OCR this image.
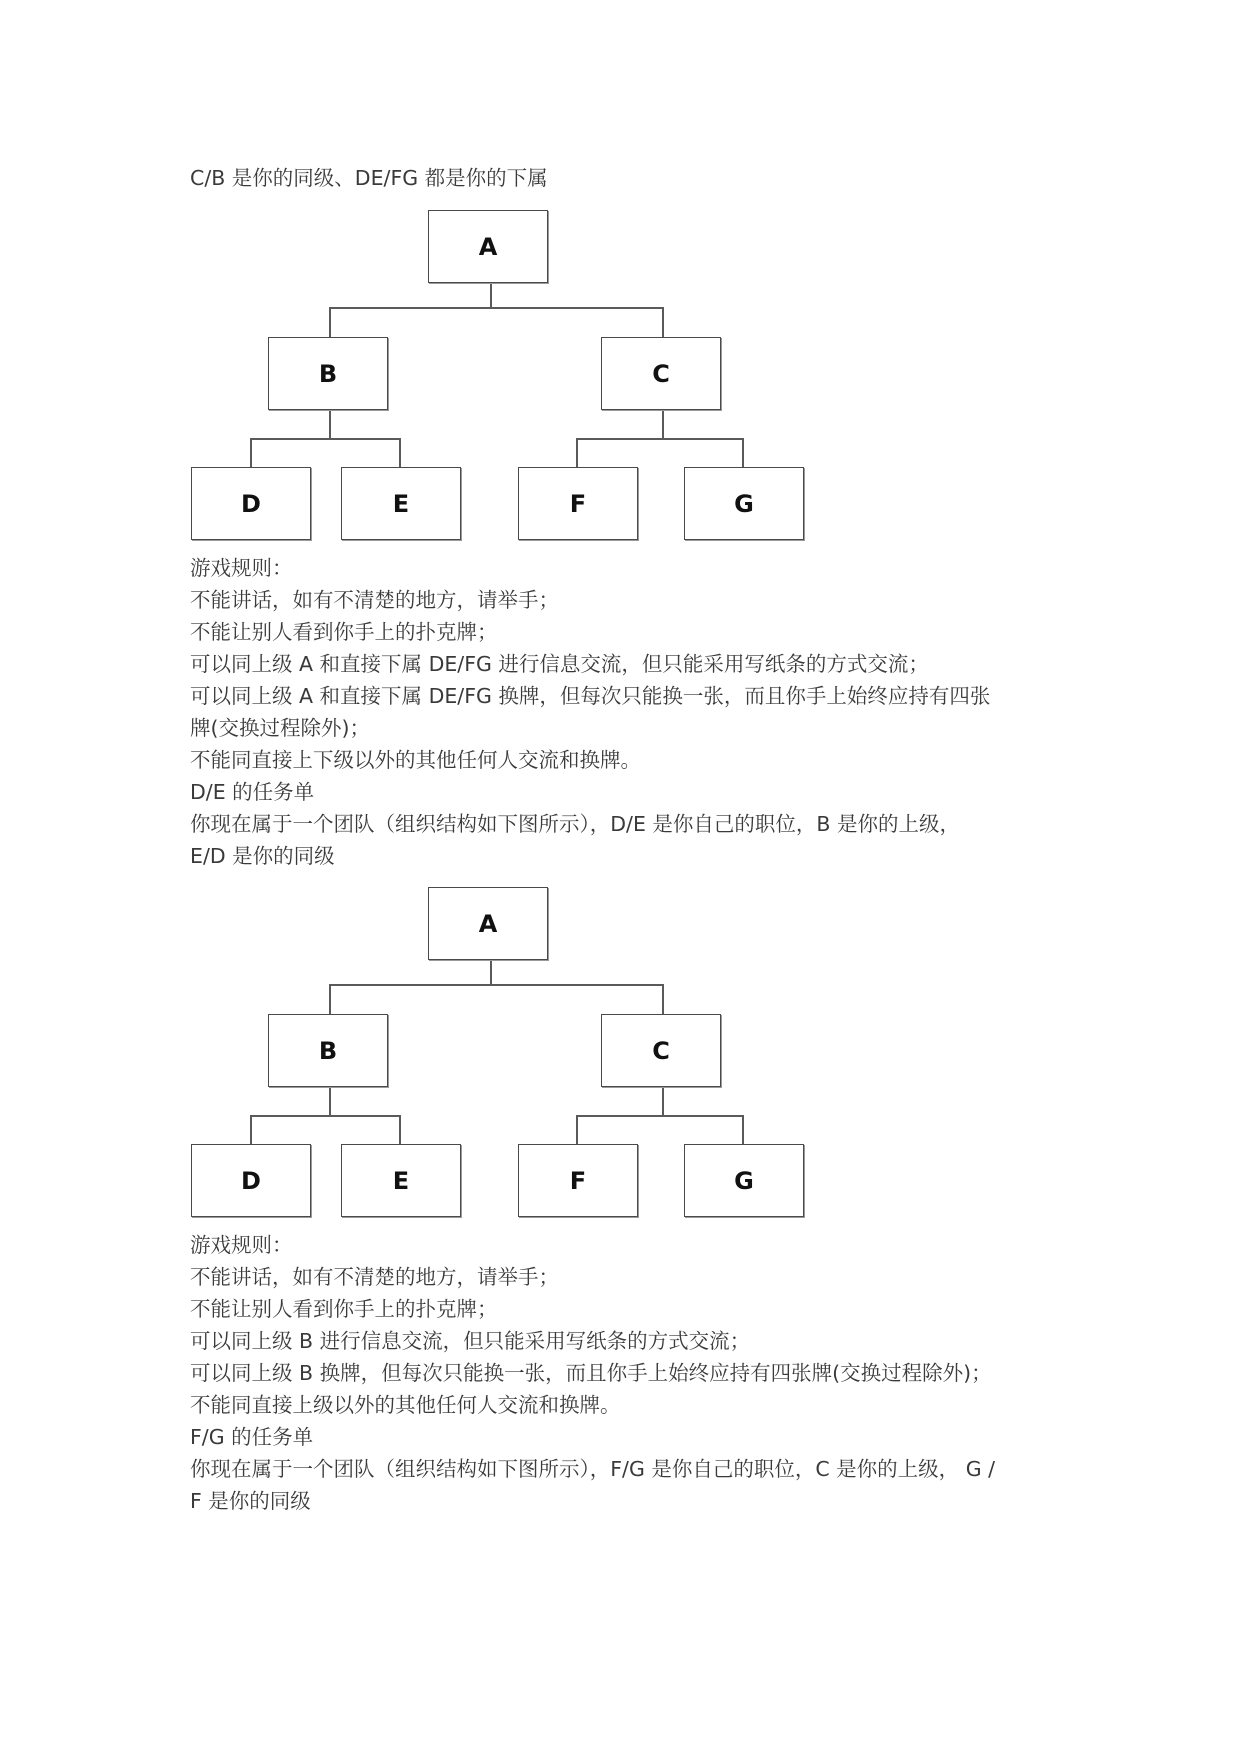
C/B 是你的同级、DE/FG 都是你的下属
A
B	C
D	E	F	G
游戏规则：
不能讲话，如有不清楚的地方，请举手；
不能让别人看到你手上的扑克牌；
可以同上级 A 和直接下属 DE/FG 进行信息交流，但只能采用写纸条的方式交流；
可以同上级 A 和直接下属 DE/FG 换牌，但每次只能换一张，而且你手上始终应持有四张
牌(交换过程除外)；
不能同直接上下级以外的其他任何人交流和换牌。
D/E 的任务单
你现在属于一个团队（组织结构如下图所示），D/E 是你自己的职位，B 是你的上级，
E/D 是你的同级
A
B	C
D	E	F	G
游戏规则：
不能讲话，如有不清楚的地方，请举手；
不能让别人看到你手上的扑克牌；
可以同上级 B 进行信息交流，但只能采用写纸条的方式交流；
可以同上级 B 换牌，但每次只能换一张，而且你手上始终应持有四张牌(交换过程除外)；
不能同直接上级以外的其他任何人交流和换牌。
F/G 的任务单
你现在属于一个团队（组织结构如下图所示），F/G 是你自己的职位，C 是你的上级， G /
F 是你的同级
